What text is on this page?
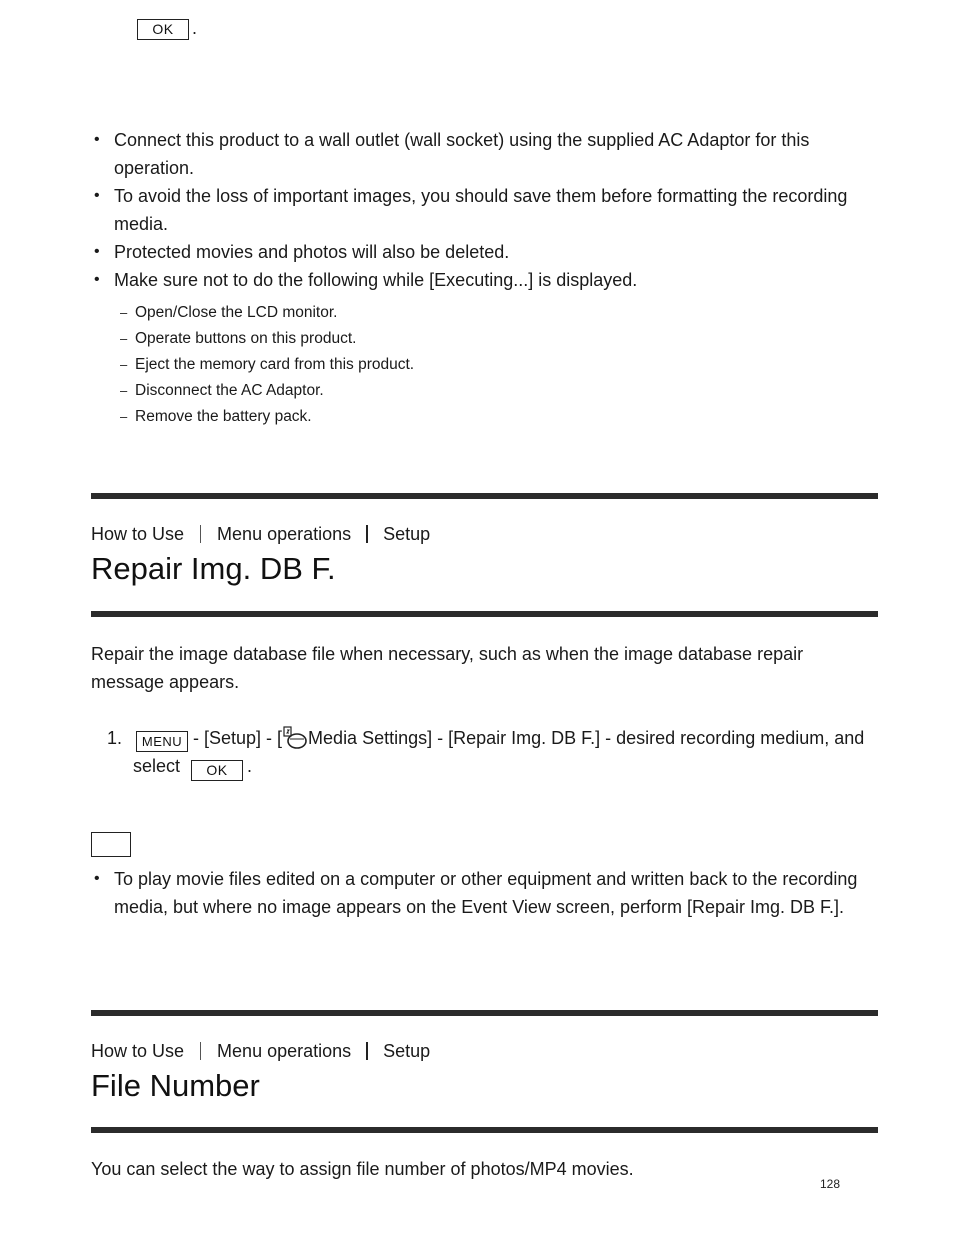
OK	.
• Connect this product to a wall outlet (wall socket) using the supplied AC Adaptor for this operation.
• To avoid the loss of important images, you should save them before formatting the recording media.
• Protected movies and photos will also be deleted.
• Make sure not to do the following while [Executing...] is displayed.
– Open/Close the LCD monitor.
– Operate buttons on this product.
– Eject the memory card from this product.
– Disconnect the AC Adaptor.
– Remove the battery pack.
How to Use Menu operations Setup
Repair Img. DB F.
Repair the image database file when necessary, such as when the image database repair message appears.
1.	MENU - [Setup] - [ Media Settings] - [Repair Img. DB F.] - desired recording medium, and select OK .
• To play movie files edited on a computer or other equipment and written back to the recording media, but where no image appears on the Event View screen, perform [Repair Img. DB F.].
How to Use Menu operations Setup
File Number
You can select the way to assign file number of photos/MP4 movies.
128
